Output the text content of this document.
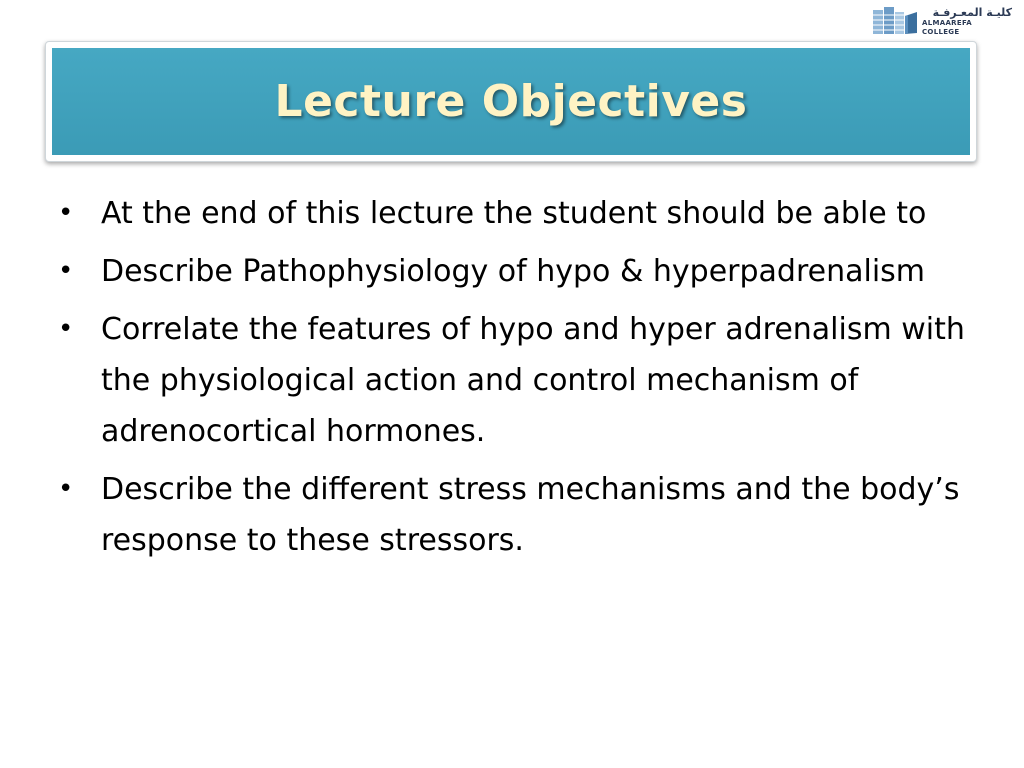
كليـة المعـرفـة
ALMAAREFA COLLEGE
Lecture Objectives
• At the end of this lecture the student should be able to
• Describe Pathophysiology of hypo & hyperpadrenalism
• Correlate the features of hypo and hyper adrenalism with the physiological action and control mechanism of adrenocortical hormones.
• Describe the different stress mechanisms and the body’s response to these stressors.
